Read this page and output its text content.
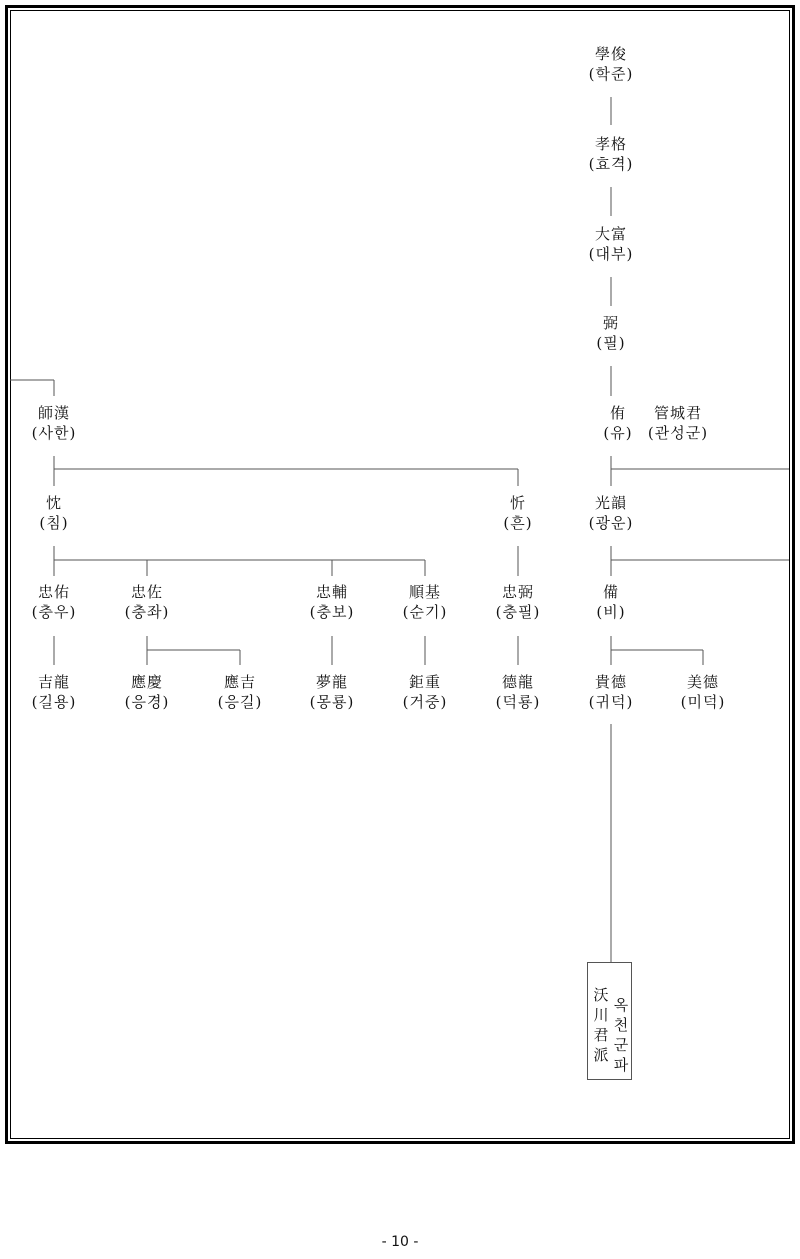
學俊
(학준)
孝格
(효격)
大富
(대부)
弼
(필)
侑
(유)
管城君
(관성군)
師漢
(사한)
忱
(침)
忻
(흔)
光韻
(광운)
忠佑
(충우)
忠佐
(충좌)
忠輔
(충보)
順基
(순기)
忠弼
(충필)
備
(비)
吉龍
(길용)
應慶
(응경)
應吉
(응길)
夢龍
(몽룡)
鉅重
(거중)
德龍
(덕룡)
貴德
(귀덕)
美德
(미덕)
沃
川
君
派
옥
천
군
파
- 10 -
